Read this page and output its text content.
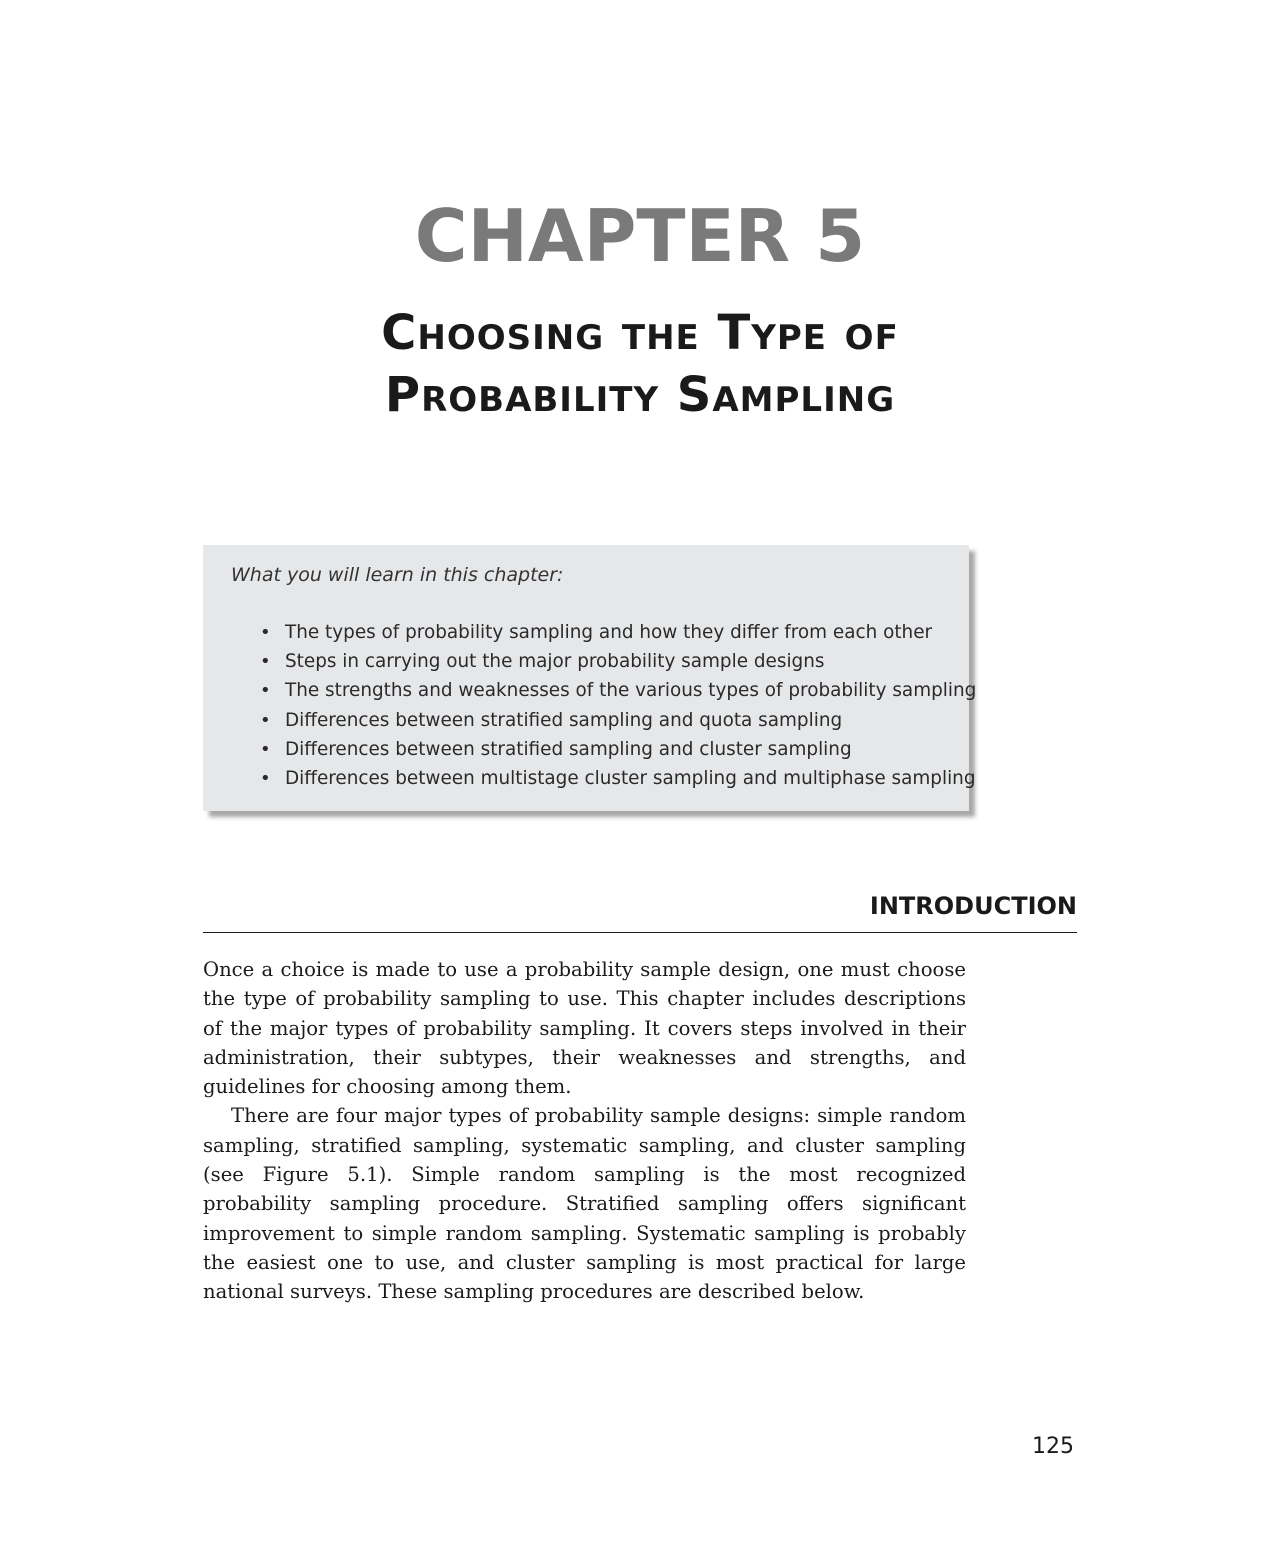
CHAPTER 5
Choosing the Type of
Probability Sampling

What you will learn in this chapter:

• The types of probability sampling and how they differ from each other
• Steps in carrying out the major probability sample designs
• The strengths and weaknesses of the various types of probability sampling
• Differences between stratified sampling and quota sampling
• Differences between stratified sampling and cluster sampling
• Differences between multistage cluster sampling and multiphase sampling
INTRODUCTION

Once a choice is made to use a probability sample design, one must choose the type of probability sampling to use. This chapter includes descriptions of the major types of probability sampling. It covers steps involved in their administration, their subtypes, their weaknesses and strengths, and guidelines for choosing among them.

There are four major types of probability sample designs: simple random sampling, stratified sampling, systematic sampling, and cluster sampling (see Figure 5.1). Simple random sampling is the most recognized probability sampling procedure. Stratified sampling offers significant improvement to simple random sampling. Systematic sampling is probably the easiest one to use, and cluster sampling is most practical for large national surveys. These sampling procedures are described below.

125
